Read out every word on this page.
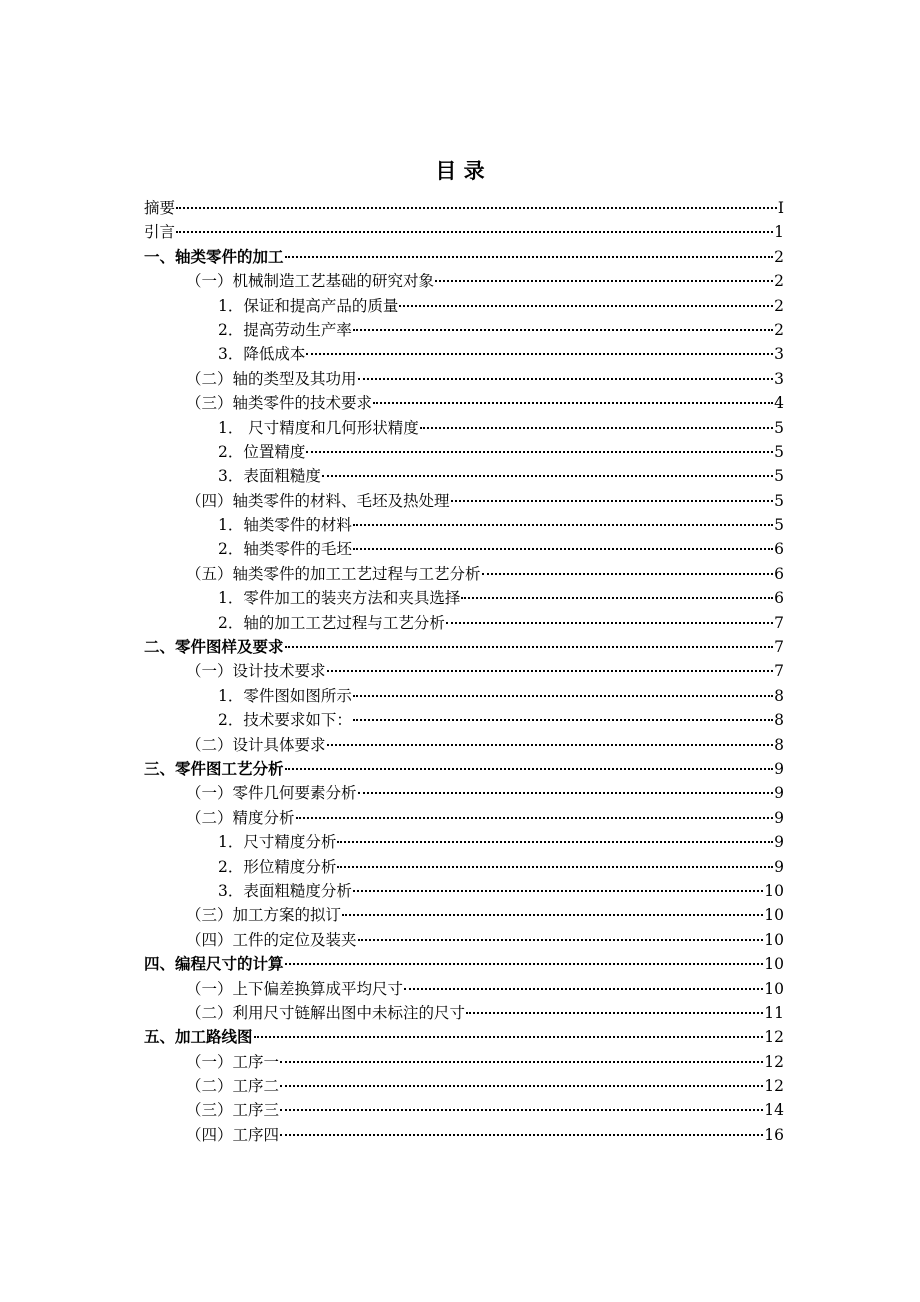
目 录
摘要	I
引言	1
一、轴类零件的加工	2
（一）机械制造工艺基础的研究对象	2
1．保证和提高产品的质量	2
2．提高劳动生产率	2
3．降低成本	3
（二）轴的类型及其功用	3
（三）轴类零件的技术要求	4
1． 尺寸精度和几何形状精度	5
2．位置精度	5
3．表面粗糙度	5
（四）轴类零件的材料、毛坯及热处理	5
1．轴类零件的材料	5
2．轴类零件的毛坯	6
（五）轴类零件的加工工艺过程与工艺分析	6
1．零件加工的装夹方法和夹具选择	6
2．轴的加工工艺过程与工艺分析	7
二、零件图样及要求	7
（一）设计技术要求	7
1．零件图如图所示	8
2．技术要求如下：	8
（二）设计具体要求	8
三、零件图工艺分析	9
（一）零件几何要素分析	9
（二）精度分析	9
1．尺寸精度分析	9
2．形位精度分析	9
3．表面粗糙度分析	10
（三）加工方案的拟订	10
（四）工件的定位及装夹	10
四、编程尺寸的计算	10
（一）上下偏差换算成平均尺寸	10
（二）利用尺寸链解出图中未标注的尺寸	11
五、加工路线图	12
（一）工序一	12
（二）工序二	12
（三）工序三	14
（四）工序四	16
